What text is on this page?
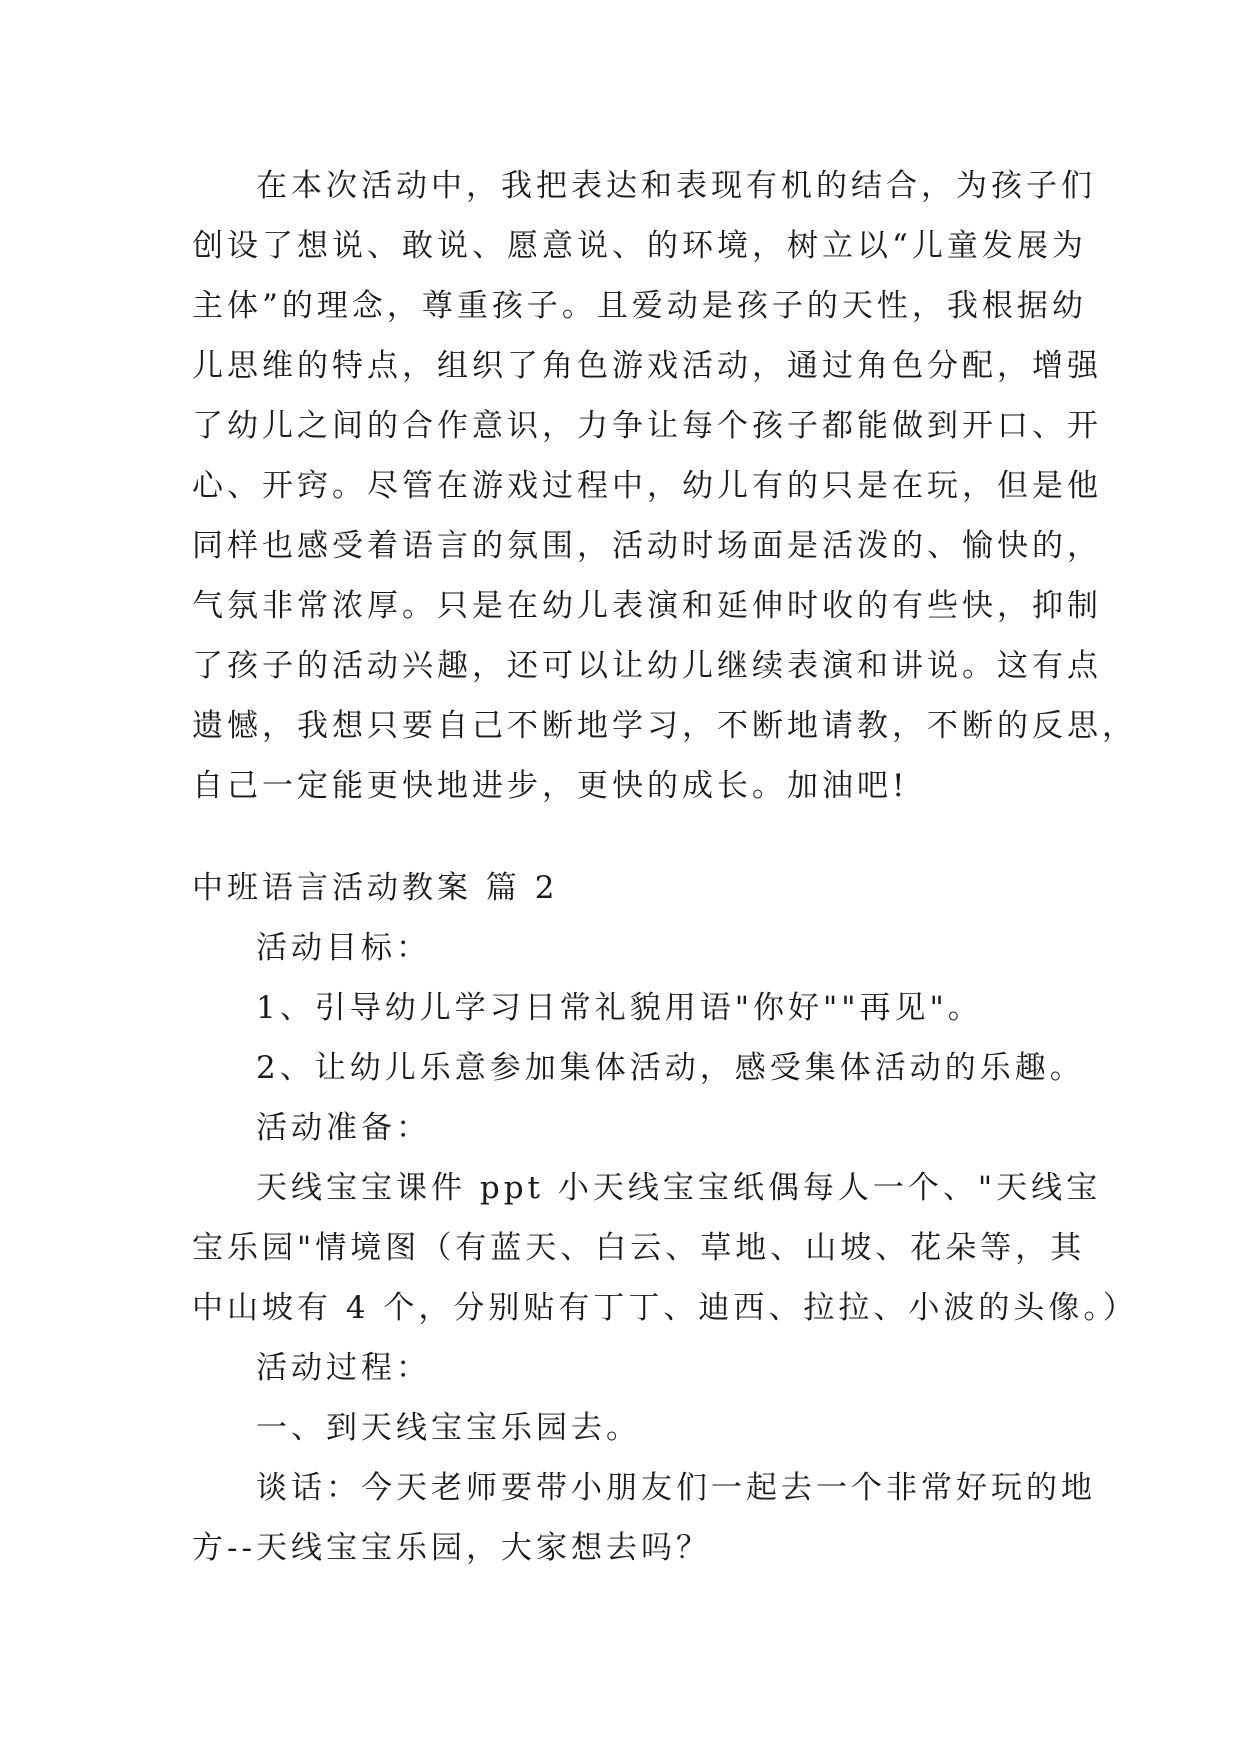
在本次活动中，我把表达和表现有机的结合，为孩子们
创设了想说、敢说、愿意说、的环境，树立以“儿童发展为
主体”的理念，尊重孩子。且爱动是孩子的天性，我根据幼
儿思维的特点，组织了角色游戏活动，通过角色分配，增强
了幼儿之间的合作意识，力争让每个孩子都能做到开口、开
心、开窍。尽管在游戏过程中，幼儿有的只是在玩，但是他
同样也感受着语言的氛围，活动时场面是活泼的、愉快的，
气氛非常浓厚。只是在幼儿表演和延伸时收的有些快，抑制
了孩子的活动兴趣，还可以让幼儿继续表演和讲说。这有点
遗憾，我想只要自己不断地学习，不断地请教，不断的反思，
自己一定能更快地进步，更快的成长。加油吧!
中班语言活动教案 篇 2
活动目标：
1、引导幼儿学习日常礼貌用语"你好""再见"。
2、让幼儿乐意参加集体活动，感受集体活动的乐趣。
活动准备：
天线宝宝课件 ppt 小天线宝宝纸偶每人一个、"天线宝
宝乐园"情境图（有蓝天、白云、草地、山坡、花朵等，其
中山坡有 4 个，分别贴有丁丁、迪西、拉拉、小波的头像。）
活动过程：
一、到天线宝宝乐园去。
谈话：今天老师要带小朋友们一起去一个非常好玩的地
方--天线宝宝乐园，大家想去吗？
